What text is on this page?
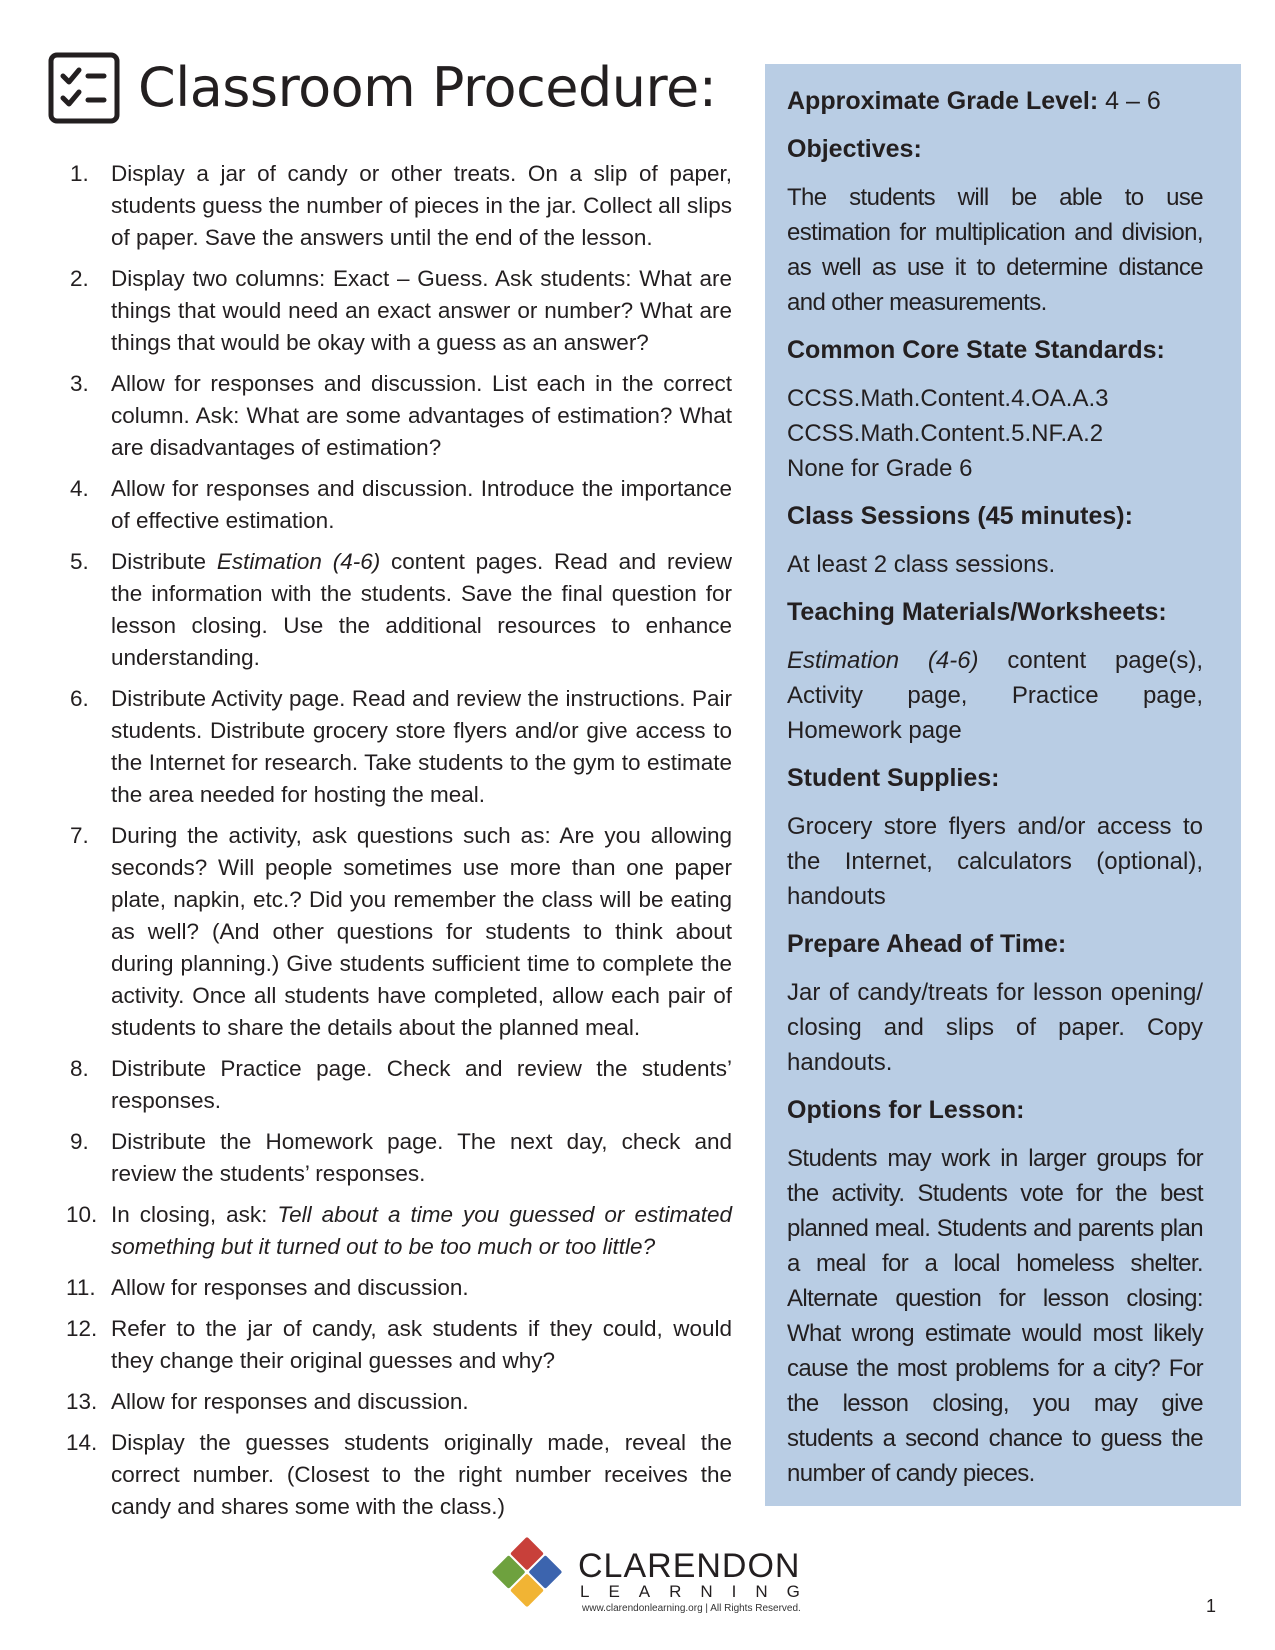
Classroom Procedure:
1. Display a jar of candy or other treats. On a slip of paper, students guess the number of pieces in the jar. Collect all slips of paper. Save the answers until the end of the lesson.
2. Display two columns: Exact – Guess. Ask students: What are things that would need an exact answer or number? What are things that would be okay with a guess as an answer?
3. Allow for responses and discussion. List each in the correct column. Ask: What are some advantages of estimation? What are disadvantages of estimation?
4. Allow for responses and discussion. Introduce the importance of effective estimation.
5. Distribute Estimation (4-6) content pages. Read and review the information with the students. Save the final question for lesson closing. Use the additional resources to enhance understanding.
6. Distribute Activity page. Read and review the instructions. Pair students. Distribute grocery store flyers and/or give access to the Internet for research. Take students to the gym to estimate the area needed for hosting the meal.
7. During the activity, ask questions such as: Are you allowing seconds? Will people sometimes use more than one paper plate, napkin, etc.? Did you remember the class will be eating as well? (And other questions for students to think about during planning.) Give students sufficient time to complete the activity. Once all students have completed, allow each pair of students to share the details about the planned meal.
8. Distribute Practice page. Check and review the students’ responses.
9. Distribute the Homework page. The next day, check and review the students’ responses.
10. In closing, ask: Tell about a time you guessed or estimated something but it turned out to be too much or too little?
11. Allow for responses and discussion.
12. Refer to the jar of candy, ask students if they could, would they change their original guesses and why?
13. Allow for responses and discussion.
14. Display the guesses students originally made, reveal the correct number. (Closest to the right number receives the candy and shares some with the class.)
Approximate Grade Level: 4 – 6
Objectives:

The students will be able to use estimation for multiplication and division, as well as use it to determine distance and other measurements.

Common Core State Standards:

CCSS.Math.Content.4.OA.A.3
CCSS.Math.Content.5.NF.A.2
None for Grade 6

Class Sessions (45 minutes):

At least 2 class sessions.

Teaching Materials/Worksheets:

Estimation (4-6) content page(s), Activity page, Practice page, Homework page

Student Supplies:

Grocery store flyers and/or access to the Internet, calculators (optional), handouts

Prepare Ahead of Time:

Jar of candy/treats for lesson opening/ closing and slips of paper. Copy handouts.

Options for Lesson:

Students may work in larger groups for the activity. Students vote for the best planned meal. Students and parents plan a meal for a local homeless shelter. Alternate question for lesson closing: What wrong estimate would most likely cause the most problems for a city? For the lesson closing, you may give students a second chance to guess the number of candy pieces.

CLARENDON

LEARNING

www.clarendonlearning.org | All Rights Reserved.	1
